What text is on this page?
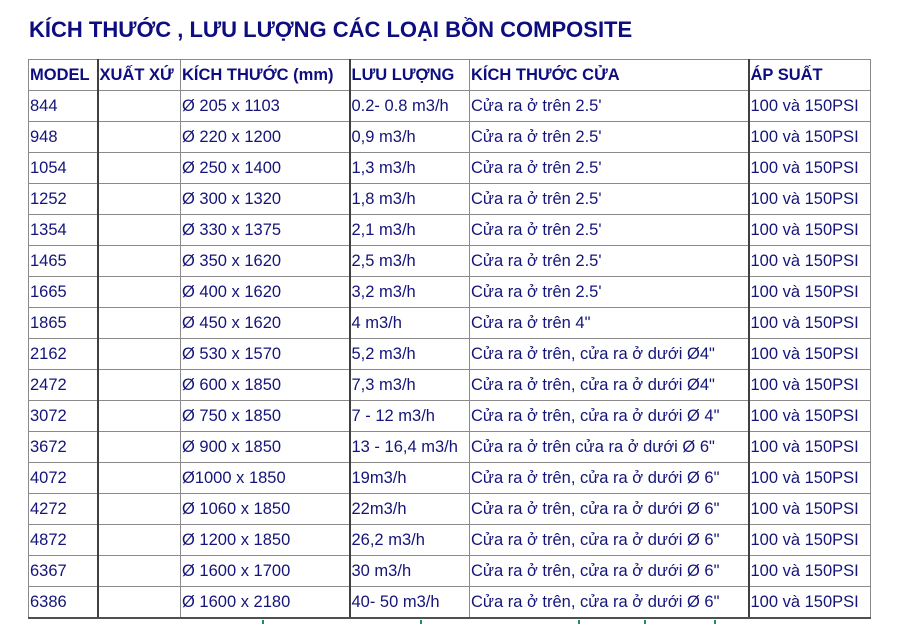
KÍCH THƯỚC , LƯU LƯỢNG CÁC LOẠI BỒN COMPOSITE
MODEL	XUẤT XỨ	KÍCH THƯỚC (mm)	LƯU LƯỢNG	KÍCH THƯỚC CỬA	ÁP SUẤT
844		Ø 205 x 1103	0.2- 0.8 m3/h	Cửa ra ở trên 2.5'	100 và 150PSI
948		Ø 220 x 1200	0,9 m3/h	Cửa ra ở trên 2.5'	100 và 150PSI
1054		Ø 250 x 1400	1,3 m3/h	Cửa ra ở trên 2.5'	100 và 150PSI
1252		Ø 300 x 1320	1,8 m3/h	Cửa ra ở trên 2.5'	100 và 150PSI
1354		Ø 330 x 1375	2,1 m3/h	Cửa ra ở trên 2.5'	100 và 150PSI
1465		Ø 350 x 1620	2,5 m3/h	Cửa ra ở trên 2.5'	100 và 150PSI
1665		Ø 400 x 1620	3,2 m3/h	Cửa ra ở trên 2.5'	100 và 150PSI
1865		Ø 450 x 1620	4 m3/h	Cửa ra ở trên 4"	100 và 150PSI
2162		Ø 530 x 1570	5,2 m3/h	Cửa ra ở trên, cửa ra ở dưới Ø4"	100 và 150PSI
2472		Ø 600 x 1850	7,3 m3/h	Cửa ra ở trên, cửa ra ở dưới Ø4"	100 và 150PSI
3072		Ø 750 x 1850	7 - 12 m3/h	Cửa ra ở trên, cửa ra ở dưới Ø 4"	100 và 150PSI
3672		Ø 900 x 1850	13 - 16,4 m3/h	Cửa ra ở trên cửa ra ở dưới Ø 6"	100 và 150PSI
4072		Ø1000 x 1850	19m3/h	Cửa ra ở trên, cửa ra ở dưới Ø 6"	100 và 150PSI
4272		Ø 1060 x 1850	22m3/h	Cửa ra ở trên, cửa ra ở dưới Ø 6"	100 và 150PSI
4872		Ø 1200 x 1850	26,2 m3/h	Cửa ra ở trên, cửa ra ở dưới Ø 6"	100 và 150PSI
6367		Ø 1600 x 1700	30 m3/h	Cửa ra ở trên, cửa ra ở dưới Ø 6"	100 và 150PSI
6386		Ø 1600 x 2180	40- 50 m3/h	Cửa ra ở trên, cửa ra ở dưới Ø 6"	100 và 150PSI
